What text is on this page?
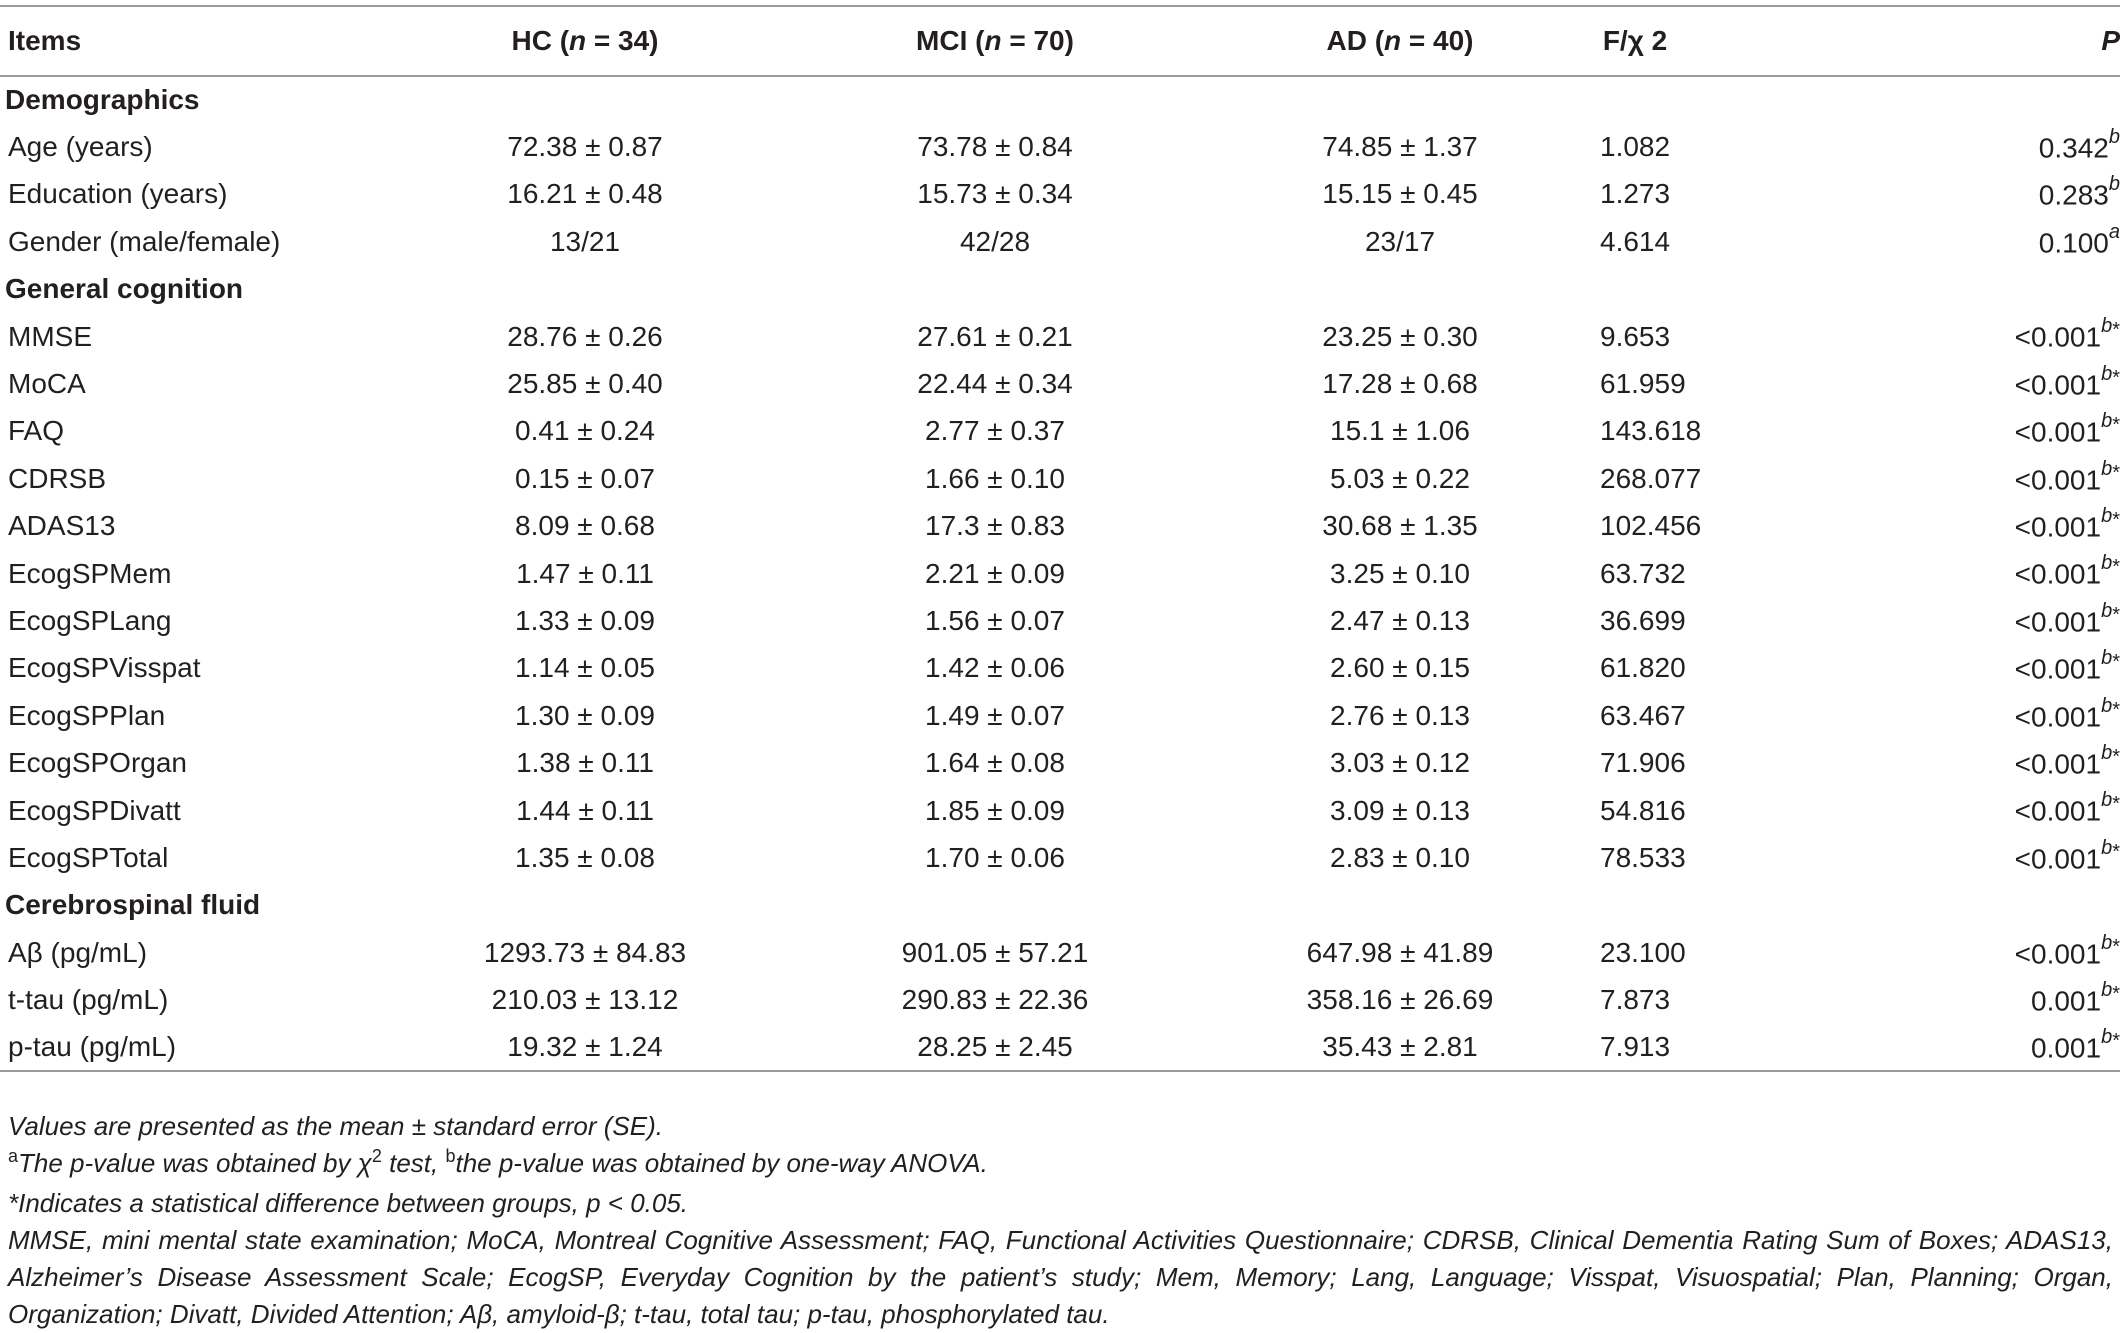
Items	HC (n = 34)	MCI (n = 70)	AD (n = 40)	F/χ 2	P
Demographics					
Age (years)	72.38 ± 0.87	73.78 ± 0.84	74.85 ± 1.37	1.082	0.342$^b$
Education (years)	16.21 ± 0.48	15.73 ± 0.34	15.15 ± 0.45	1.273	0.283$^b$
Gender (male/female)	13/21	42/28	23/17	4.614	0.100$^a$
General cognition					
MMSE	28.76 ± 0.26	27.61 ± 0.21	23.25 ± 0.30	9.653	$<0.001^{b*}$
MoCA	25.85 ± 0.40	22.44 ± 0.34	17.28 ± 0.68	61.959	$<0.001^{b*}$
FAQ	0.41 ± 0.24	2.77 ± 0.37	15.1 ± 1.06	143.618	$<0.001^{b*}$
CDRSB	0.15 ± 0.07	1.66 ± 0.10	5.03 ± 0.22	268.077	$<0.001^{b*}$
ADAS13	8.09 ± 0.68	17.3 ± 0.83	30.68 ± 1.35	102.456	$<0.001^{b*}$
EcogSPMem	1.47 ± 0.11	2.21 ± 0.09	3.25 ± 0.10	63.732	$<0.001^{b*}$
EcogSPLang	1.33 ± 0.09	1.56 ± 0.07	2.47 ± 0.13	36.699	$<0.001^{b*}$
EcogSPVisspat	1.14 ± 0.05	1.42 ± 0.06	2.60 ± 0.15	61.820	$<0.001^{b*}$
EcogSPPlan	1.30 ± 0.09	1.49 ± 0.07	2.76 ± 0.13	63.467	$<0.001^{b*}$
EcogSPOrgan	1.38 ± 0.11	1.64 ± 0.08	3.03 ± 0.12	71.906	$<0.001^{b*}$
EcogSPDivatt	1.44 ± 0.11	1.85 ± 0.09	3.09 ± 0.13	54.816	$<0.001^{b*}$
EcogSPTotal	1.35 ± 0.08	1.70 ± 0.06	2.83 ± 0.10	78.533	$<0.001^{b*}$
Cerebrospinal fluid					
Aβ (pg/mL)	1293.73 ± 84.83	901.05 ± 57.21	647.98 ± 41.89	23.100	$<0.001^{b*}$
t-tau (pg/mL)	210.03 ± 13.12	290.83 ± 22.36	358.16 ± 26.69	7.873	$0.001^{b*}$
p-tau (pg/mL)	19.32 ± 1.24	28.25 ± 2.45	35.43 ± 2.81	7.913	$0.001^{b*}$

Values are presented as the mean ± standard error (SE).

$^a$The p-value was obtained by χ$^2$ test, $^b$the p-value was obtained by one-way ANOVA.

*Indicates a statistical difference between groups, p < 0.05.

MMSE, mini mental state examination; MoCA, Montreal Cognitive Assessment; FAQ, Functional Activities Questionnaire; CDRSB, Clinical Dementia Rating Sum of Boxes; ADAS13, Alzheimer’s Disease Assessment Scale; EcogSP, Everyday Cognition by the patient’s study; Mem, Memory; Lang, Language; Visspat, Visuospatial; Plan, Planning; Organ, Organization; Divatt, Divided Attention; Aβ, amyloid-β; t-tau, total tau; p-tau, phosphorylated tau.
